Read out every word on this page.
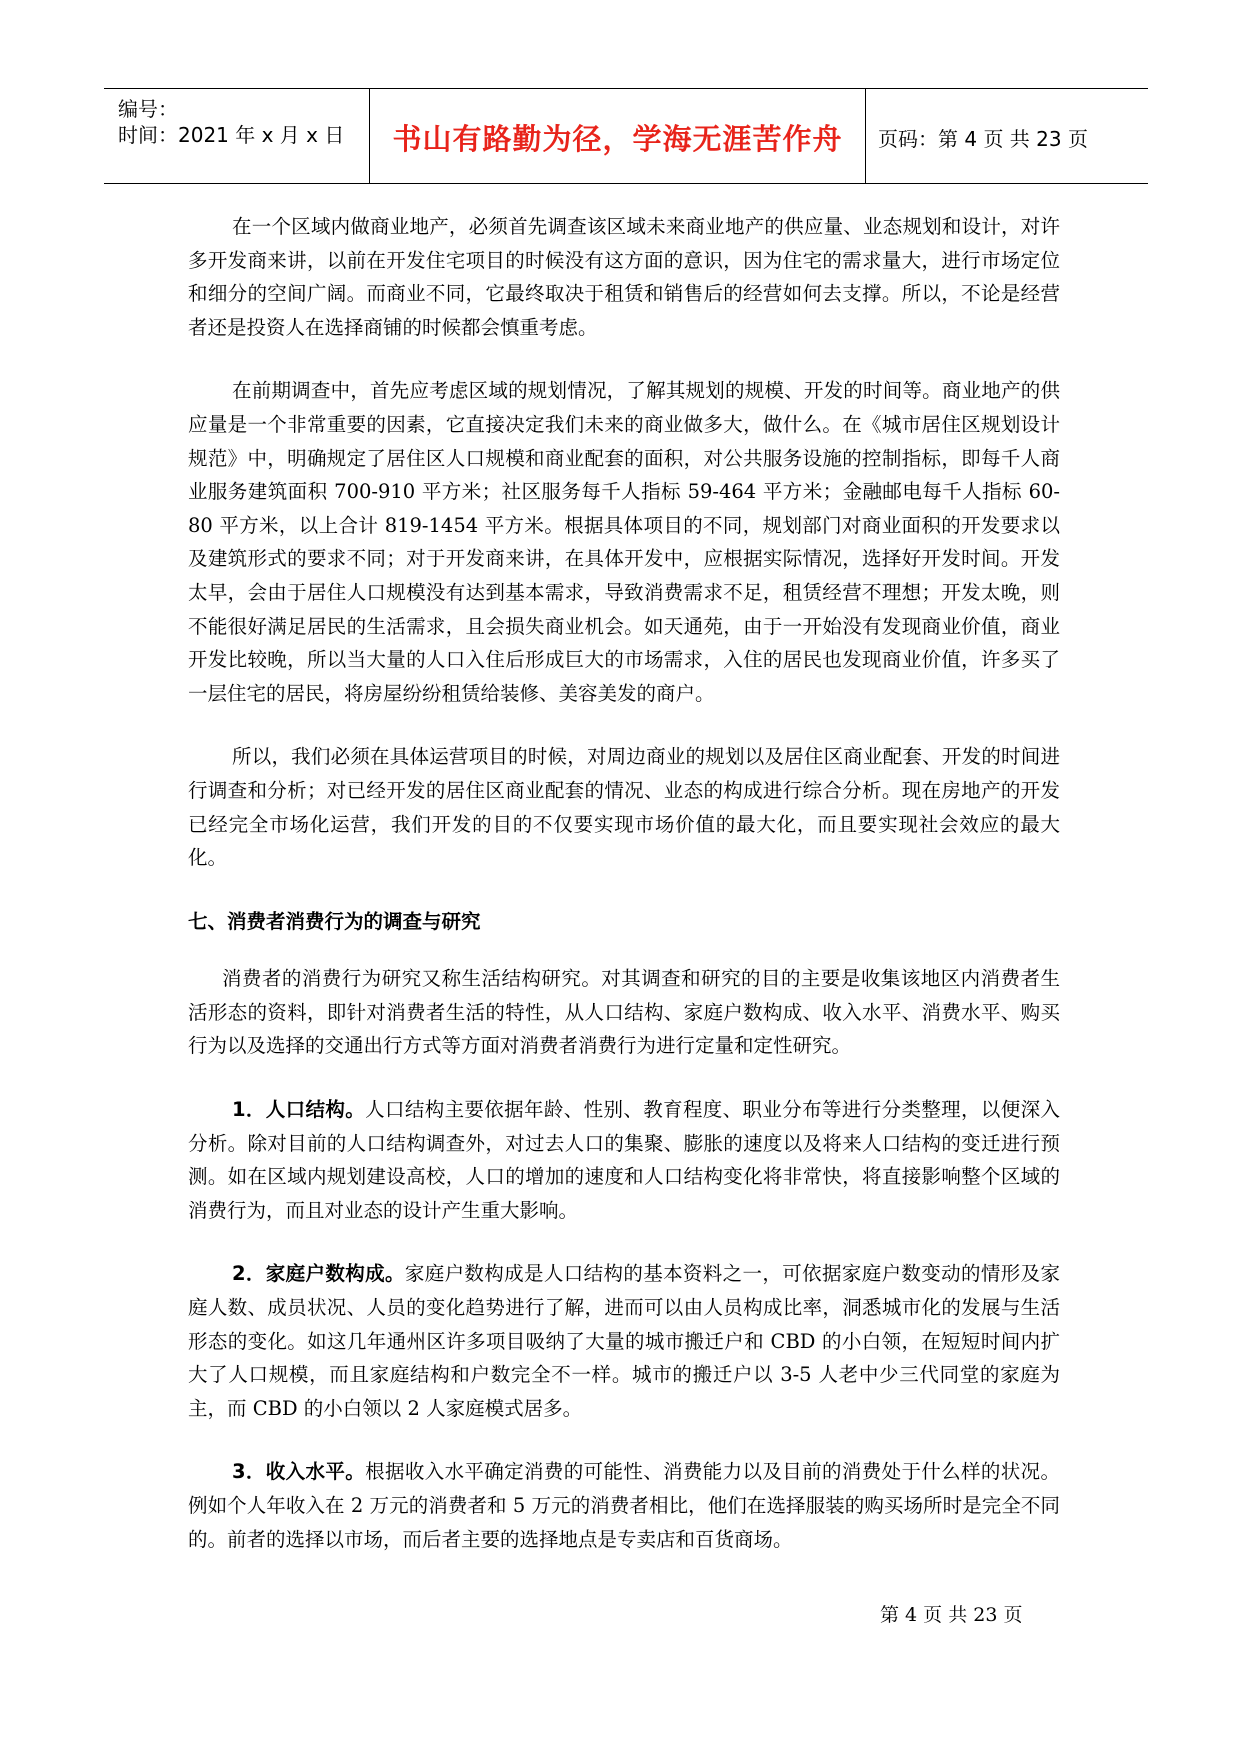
编号：
时间：2021 年 x 月 x 日	书山有路勤为径，学海无涯苦作舟	页码：第 4 页 共 23 页

在一个区域内做商业地产，必须首先调查该区域未来商业地产的供应量、业态规划和设计，对许多开发商来讲，以前在开发住宅项目的时候没有这方面的意识，因为住宅的需求量大，进行市场定位和细分的空间广阔。而商业不同，它最终取决于租赁和销售后的经营如何去支撑。所以，不论是经营者还是投资人在选择商铺的时候都会慎重考虑。

在前期调查中，首先应考虑区域的规划情况，了解其规划的规模、开发的时间等。商业地产的供应量是一个非常重要的因素，它直接决定我们未来的商业做多大，做什么。在《城市居住区规划设计规范》中，明确规定了居住区人口规模和商业配套的面积，对公共服务设施的控制指标，即每千人商业服务建筑面积 700-910 平方米；社区服务每千人指标 59-464 平方米；金融邮电每千人指标 60-80 平方米，以上合计 819-1454 平方米。根据具体项目的不同，规划部门对商业面积的开发要求以及建筑形式的要求不同；对于开发商来讲，在具体开发中，应根据实际情况，选择好开发时间。开发太早，会由于居住人口规模没有达到基本需求，导致消费需求不足，租赁经营不理想；开发太晚，则不能很好满足居民的生活需求，且会损失商业机会。如天通苑，由于一开始没有发现商业价值，商业开发比较晚，所以当大量的人口入住后形成巨大的市场需求，入住的居民也发现商业价值，许多买了一层住宅的居民，将房屋纷纷租赁给装修、美容美发的商户。

所以，我们必须在具体运营项目的时候，对周边商业的规划以及居住区商业配套、开发的时间进行调查和分析；对已经开发的居住区商业配套的情况、业态的构成进行综合分析。现在房地产的开发已经完全市场化运营，我们开发的目的不仅要实现市场价值的最大化，而且要实现社会效应的最大化。

七、消费者消费行为的调查与研究

消费者的消费行为研究又称生活结构研究。对其调查和研究的目的主要是收集该地区内消费者生活形态的资料，即针对消费者生活的特性，从人口结构、家庭户数构成、收入水平、消费水平、购买行为以及选择的交通出行方式等方面对消费者消费行为进行定量和定性研究。

1．人口结构。人口结构主要依据年龄、性别、教育程度、职业分布等进行分类整理，以便深入分析。除对目前的人口结构调查外，对过去人口的集聚、膨胀的速度以及将来人口结构的变迁进行预测。如在区域内规划建设高校，人口的增加的速度和人口结构变化将非常快，将直接影响整个区域的消费行为，而且对业态的设计产生重大影响。

2．家庭户数构成。家庭户数构成是人口结构的基本资料之一，可依据家庭户数变动的情形及家庭人数、成员状况、人员的变化趋势进行了解，进而可以由人员构成比率，洞悉城市化的发展与生活形态的变化。如这几年通州区许多项目吸纳了大量的城市搬迁户和 CBD 的小白领，在短短时间内扩大了人口规模，而且家庭结构和户数完全不一样。城市的搬迁户以 3-5 人老中少三代同堂的家庭为主，而 CBD 的小白领以 2 人家庭模式居多。

3．收入水平。根据收入水平确定消费的可能性、消费能力以及目前的消费处于什么样的状况。例如个人年收入在 2 万元的消费者和 5 万元的消费者相比，他们在选择服装的购买场所时是完全不同的。前者的选择以市场，而后者主要的选择地点是专卖店和百货商场。

第 4 页 共 23 页
